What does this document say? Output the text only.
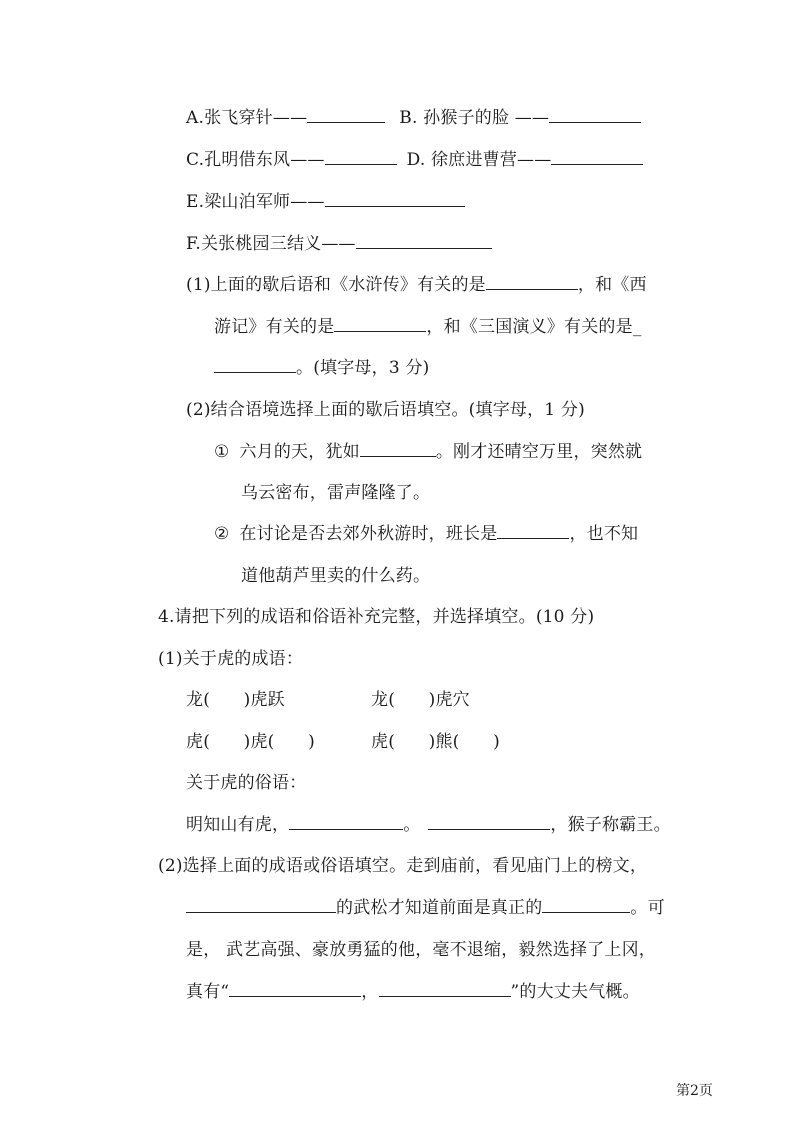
A.张飞穿针——	B. 孙猴子的脸 ——
C.孔明借东风——	D. 徐庶进曹营——
E.梁山泊军师——
F.关张桃园三结义——
(1)上面的歇后语和《水浒传》有关的是	，和《西
游记》有关的是	，和《三国演义》有关的是_
。(填字母，3 分)
(2)结合语境选择上面的歇后语填空。(填字母，1 分)
① 六月的天，犹如	。刚才还晴空万里，突然就
乌云密布，雷声隆隆了。
② 在讨论是否去郊外秋游时，班长是	，也不知
道他葫芦里卖的什么药。
4.请把下列的成语和俗语补充完整，并选择填空。(10 分)
(1)关于虎的成语：
龙(      )虎跃	龙(      )虎穴
虎(      )虎(      )	虎(      )熊(      )
关于虎的俗语：
明知山有虎，	。	，猴子称霸王。
(2)选择上面的成语或俗语填空。走到庙前，看见庙门上的榜文，
的武松才知道前面是真正的	。可
是， 武艺高强、豪放勇猛的他，毫不退缩，毅然选择了上冈，
真有“	，	”的大丈夫气概。
第2页
